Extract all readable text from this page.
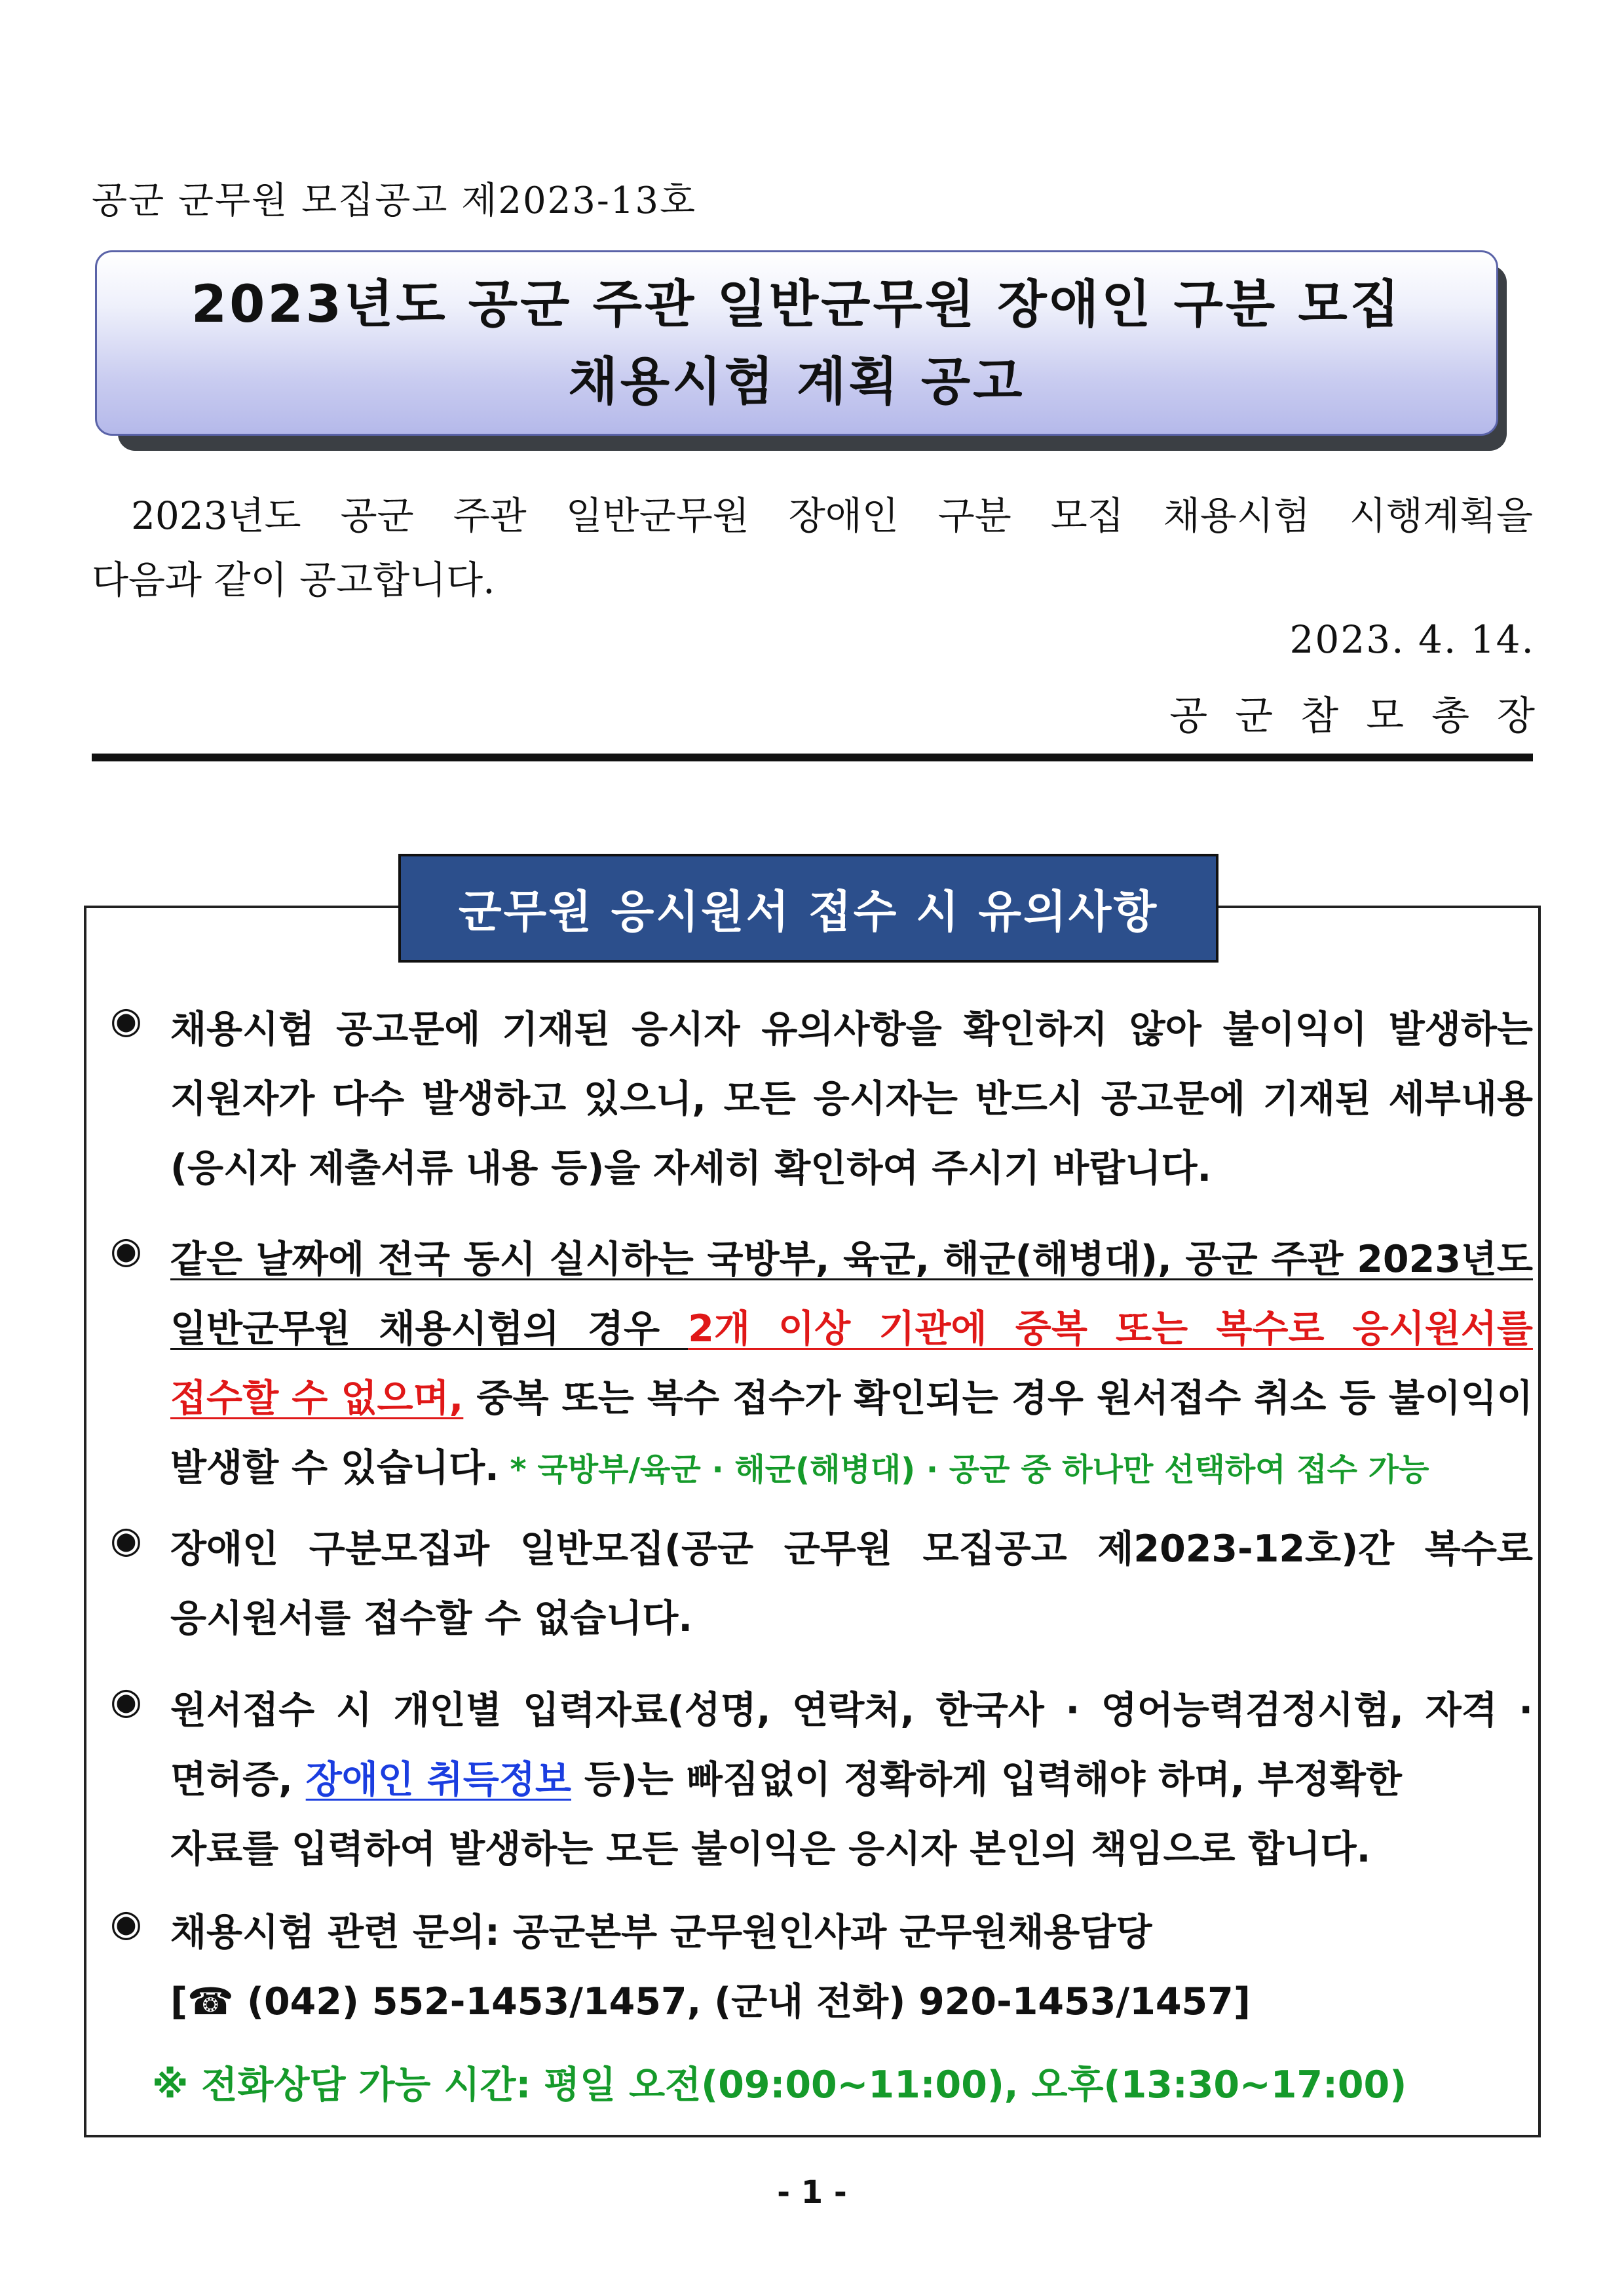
공군 군무원 모집공고 제2023-13호
2023년도 공군 주관 일반군무원 장애인 구분 모집
채용시험 계획 공고
2023년도 공군 주관 일반군무원 장애인 구분 모집 채용시험 시행계획을
다음과 같이 공고합니다.
2023. 4. 14.
공군참모총장
군무원 응시원서 접수 시 유의사항
◉ 채용시험 공고문에 기재된 응시자 유의사항을 확인하지 않아 불이익이 발생하는
지원자가 다수 발생하고 있으니, 모든 응시자는 반드시 공고문에 기재된 세부내용
(응시자 제출서류 내용 등)을 자세히 확인하여 주시기 바랍니다.
◉ 같은 날짜에 전국 동시 실시하는 국방부, 육군, 해군(해병대), 공군 주관 2023년도
일반군무원 채용시험의 경우 2개 이상 기관에 중복 또는 복수로 응시원서를
접수할 수 없으며, 중복 또는 복수 접수가 확인되는 경우 원서접수 취소 등 불이익이
발생할 수 있습니다. * 국방부/육군 · 해군(해병대) · 공군 중 하나만 선택하여 접수 가능
◉ 장애인 구분모집과 일반모집(공군 군무원 모집공고 제2023-12호)간 복수로
응시원서를 접수할 수 없습니다.
◉ 원서접수 시 개인별 입력자료(성명, 연락처, 한국사 · 영어능력검정시험, 자격 ·
면허증, 장애인 취득정보 등)는 빠짐없이 정확하게 입력해야 하며, 부정확한
자료를 입력하여 발생하는 모든 불이익은 응시자 본인의 책임으로 합니다.
◉ 채용시험 관련 문의: 공군본부 군무원인사과 군무원채용담당
[☎ (042) 552-1453/1457, (군내 전화) 920-1453/1457]
※ 전화상담 가능 시간: 평일 오전(09:00~11:00), 오후(13:30~17:00)
- 1 -
